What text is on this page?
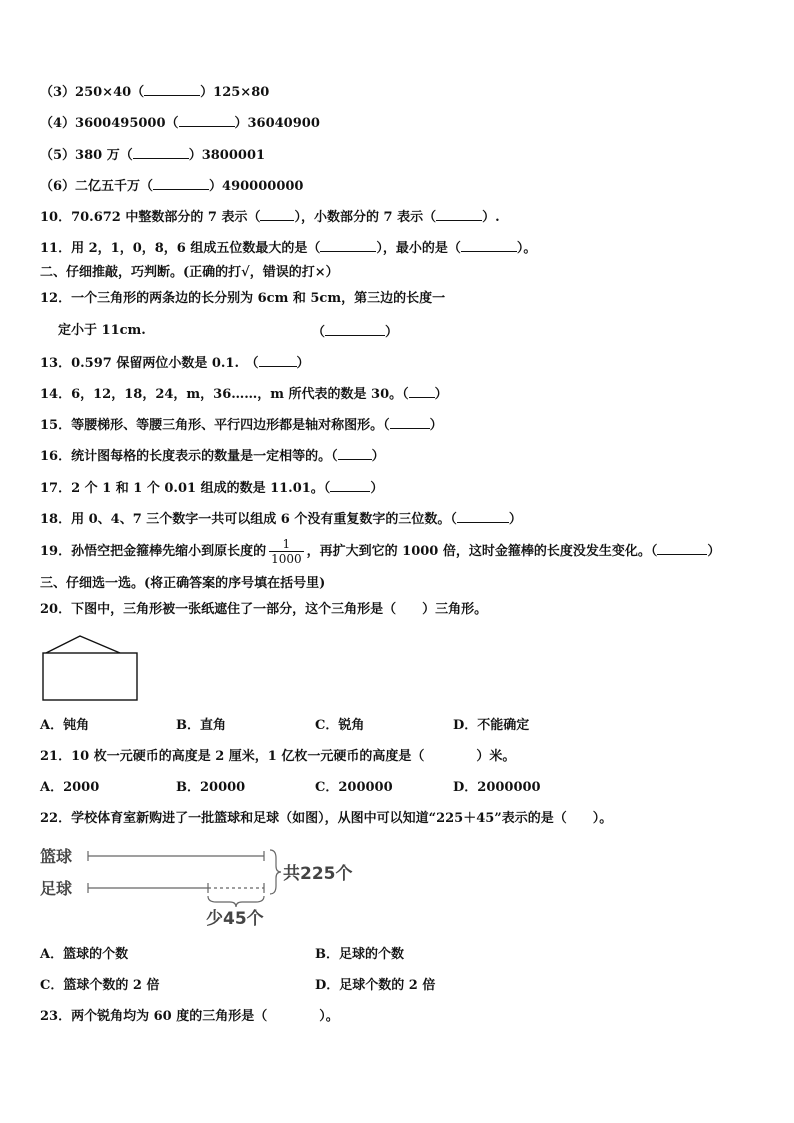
（3）250×40（	）125×80
（4）3600495000（	）36040900
（5）380 万（	）3800001
（6）二亿五千万（	）490000000
10．70.672 中整数部分的 7 表示（	），小数部分的 7 表示（	）.
11．用 2，1，0，8，6 组成五位数最大的是（	），最小的是（	）。
二、仔细推敲，巧判断。(正确的打√，错误的打×）
12．一个三角形的两条边的长分别为 6cm 和 5cm，第三边的长度一
定小于 11cm.	（	）
13．0.597 保留两位小数是 0.1.　（	）
14．6，12，18，24，m，36……，m 所代表的数是 30。（ ）
15．等腰梯形、等腰三角形、平行四边形都是轴对称图形。（	）
16．统计图每格的长度表示的数量是一定相等的。（	）
17．2 个 1 和 1 个 0.01 组成的数是 11.01。（	）
18．用 0、4、7 三个数字一共可以组成 6 个没有重复数字的三位数。（	）
19．孙悟空把金箍棒先缩小到原长度的 $\frac{1}{1000}$ ，再扩大到它的 1000 倍，这时金箍棒的长度没发生变化。（	）
三、仔细选一选。(将正确答案的序号填在括号里)
20．下图中，三角形被一张纸遮住了一部分，这个三角形是（　　）三角形。
A．钝角	B．直角	C．锐角	D．不能确定
21．10 枚一元硬币的高度是 2 厘米，1 亿枚一元硬币的高度是（　　　　）米。
A．2000	B．20000	C．200000	D．2000000
22．学校体育室新购进了一批篮球和足球（如图），从图中可以知道“225＋45”表示的是（　　）。
篮球
足球
共225个
少45个
A．篮球的个数	B．足球的个数
C．篮球个数的 2 倍	D．足球个数的 2 倍
23．两个锐角均为 60 度的三角形是（　　　　）。
